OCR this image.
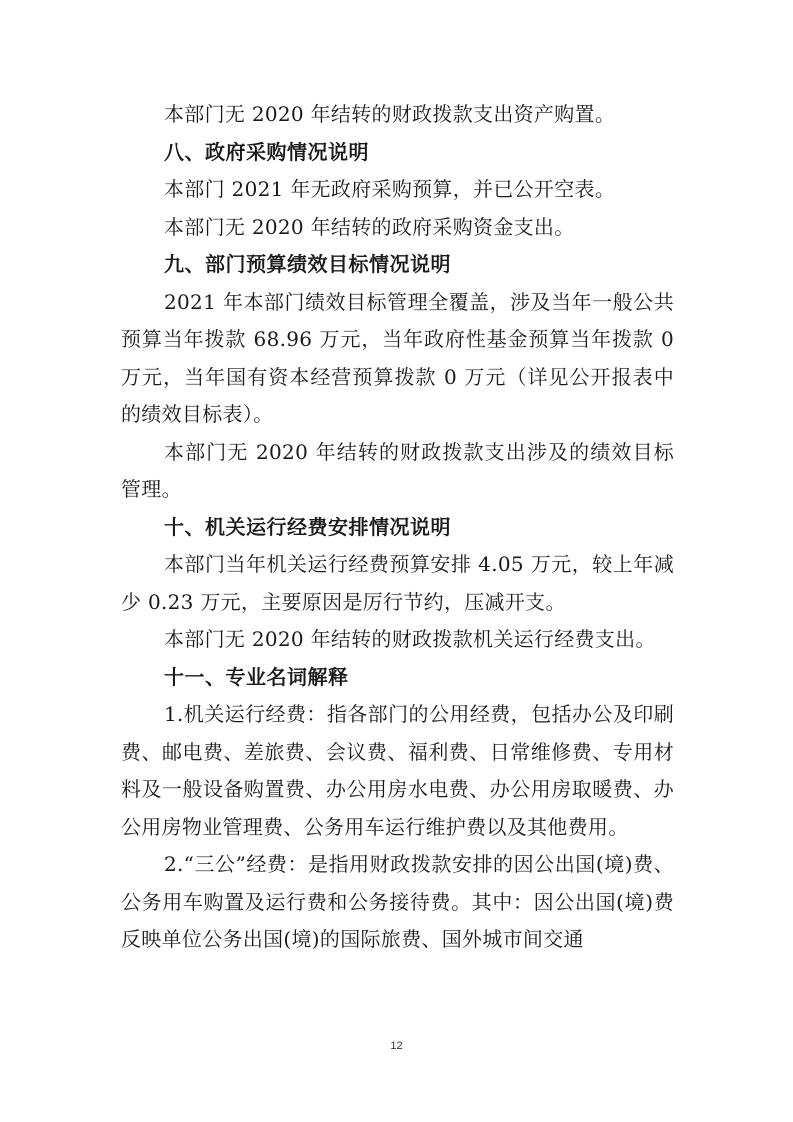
本部门无 2020 年结转的财政拨款支出资产购置。

八、政府采购情况说明

本部门 2021 年无政府采购预算，并已公开空表。

本部门无 2020 年结转的政府采购资金支出。

九、部门预算绩效目标情况说明

2021 年本部门绩效目标管理全覆盖，涉及当年一般公共预算当年拨款 68.96 万元，当年政府性基金预算当年拨款 0 万元，当年国有资本经营预算拨款 0 万元（详见公开报表中的绩效目标表）。

本部门无 2020 年结转的财政拨款支出涉及的绩效目标管理。

十、机关运行经费安排情况说明

本部门当年机关运行经费预算安排 4.05 万元，较上年减少 0.23 万元，主要原因是厉行节约，压减开支。

本部门无 2020 年结转的财政拨款机关运行经费支出。

十一、专业名词解释

1.机关运行经费：指各部门的公用经费，包括办公及印刷费、邮电费、差旅费、会议费、福利费、日常维修费、专用材料及一般设备购置费、办公用房水电费、办公用房取暖费、办公用房物业管理费、公务用车运行维护费以及其他费用。

2.“三公”经费：是指用财政拨款安排的因公出国(境)费、公务用车购置及运行费和公务接待费。其中：因公出国(境)费反映单位公务出国(境)的国际旅费、国外城市间交通

12
